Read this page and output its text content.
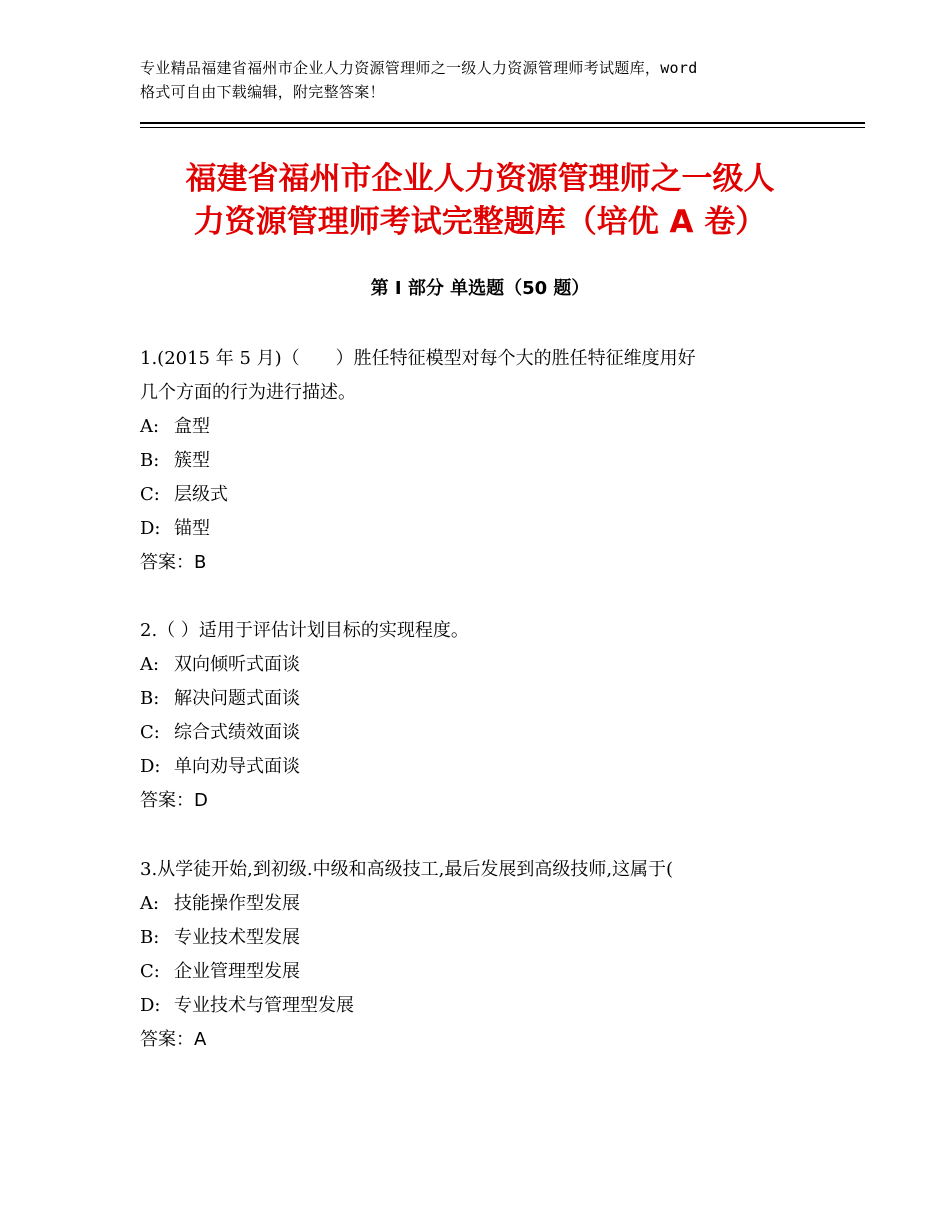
专业精品福建省福州市企业人力资源管理师之一级人力资源管理师考试题库，word
格式可自由下载编辑，附完整答案！
福建省福州市企业人力资源管理师之一级人
力资源管理师考试完整题库（培优 A 卷）
第 I 部分 单选题（50 题）
1.(2015 年 5 月)（　　）胜任特征模型对每个大的胜任特征维度用好
几个方面的行为进行描述。
A: 盒型
B: 簇型
C: 层级式
D: 锚型
答案：B
2.（ ）适用于评估计划目标的实现程度。
A: 双向倾听式面谈
B: 解决问题式面谈
C: 综合式绩效面谈
D: 单向劝导式面谈
答案：D
3.从学徒开始,到初级.中级和高级技工,最后发展到高级技师,这属于(
A: 技能操作型发展
B: 专业技术型发展
C: 企业管理型发展
D: 专业技术与管理型发展
答案：A
